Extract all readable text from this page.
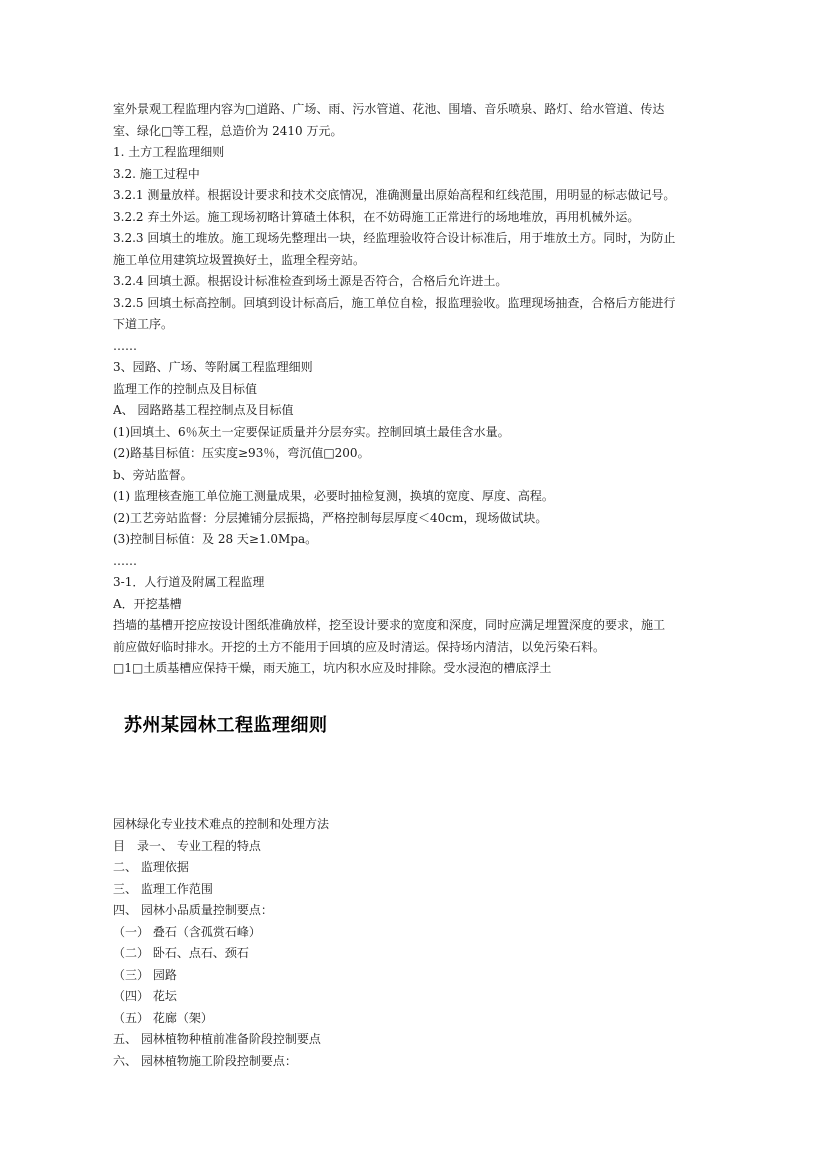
室外景观工程监理内容为□道路、广场、雨、污水管道、花池、围墙、音乐喷泉、路灯、给水管道、传达
室、绿化□等工程，总造价为 2410 万元。
1. 土方工程监理细则
3.2. 施工过程中
3.2.1 测量放样。根据设计要求和技术交底情况，准确测量出原始高程和红线范围，用明显的标志做记号。
3.2.2 弃土外运。施工现场初略计算碴土体积，在不妨碍施工正常进行的场地堆放，再用机械外运。
3.2.3 回填土的堆放。施工现场先整理出一块，经监理验收符合设计标准后，用于堆放土方。同时，为防止
施工单位用建筑垃圾置换好土，监理全程旁站。
3.2.4 回填土源。根据设计标准检查到场土源是否符合，合格后允许进土。
3.2.5 回填土标高控制。回填到设计标高后，施工单位自检，报监理验收。监理现场抽查，合格后方能进行
下道工序。
……
3、园路、广场、等附属工程监理细则
监理工作的控制点及目标值
A、 园路路基工程控制点及目标值
(1)回填土、6％灰土一定要保证质量并分层夯实。控制回填土最佳含水量。
(2)路基目标值：压实度≥93％，弯沉值□200。
b、旁站监督。
(1) 监理核查施工单位施工测量成果，必要时抽检复测，换填的宽度、厚度、高程。
(2)工艺旁站监督：分层摊铺分层振捣，严格控制每层厚度＜40cm，现场做试块。
(3)控制目标值：及 28 天≥1.0Mpa。
……
3-1．人行道及附属工程监理
A．开挖基槽
挡墙的基槽开挖应按设计图纸准确放样，挖至设计要求的宽度和深度，同时应满足埋置深度的要求，施工
前应做好临时排水。开挖的土方不能用于回填的应及时清运。保持场内清洁，以免污染石料。
□1□土质基槽应保持干燥，雨天施工，坑内积水应及时排除。受水浸泡的槽底浮土
苏州某园林工程监理细则
园林绿化专业技术难点的控制和处理方法
目　录一、 专业工程的特点
二、 监理依据
三、 监理工作范围
四、 园林小品质量控制要点：
（一） 叠石（含孤赏石峰）
（二） 卧石、点石、颈石
（三） 园路
（四） 花坛
（五） 花廊（架）
五、 园林植物种植前准备阶段控制要点
六、 园林植物施工阶段控制要点：
